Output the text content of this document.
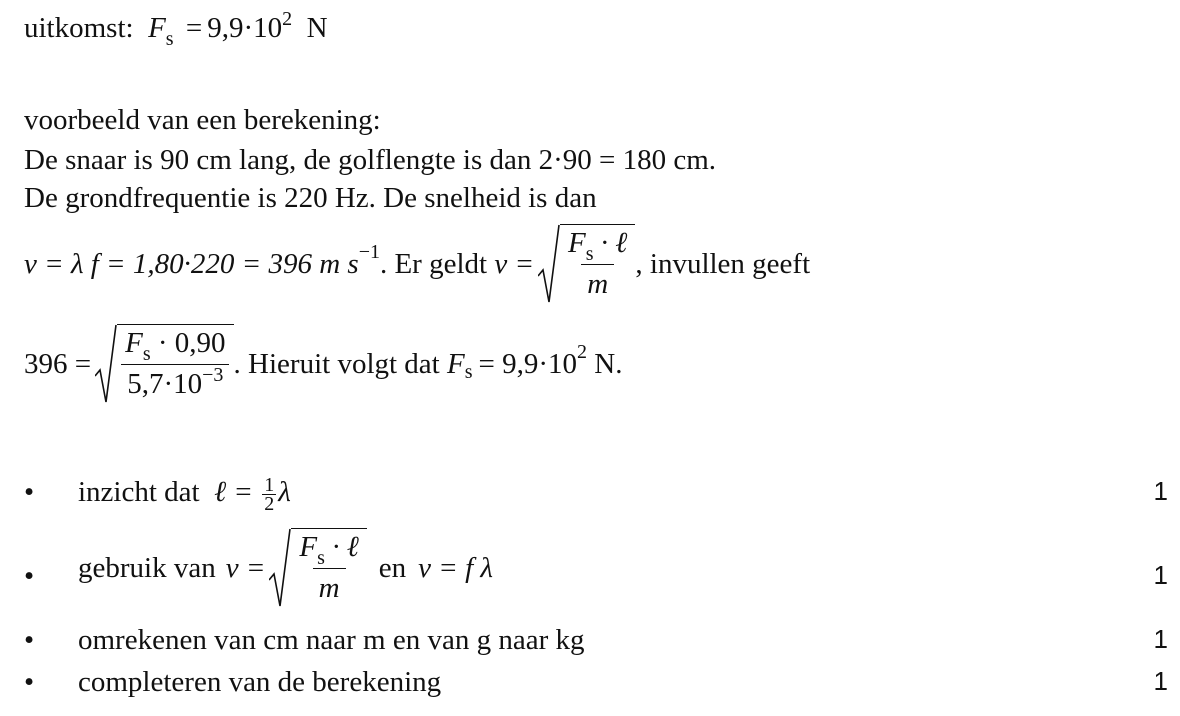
uitkomst: $F_s = 9,9\cdot 10^2$ N
voorbeeld van een berekening:
De snaar is 90 cm lang, de golflengte is dan 2·90 = 180 cm.
De grondfrequentie is 220 Hz. De snelheid is dan
v = λ f = 1,80·220 = 396 m s −1 . Er geldt $v = \frac{F_s \cdot \ell}{m}$ , invullen geeft
$396 = \frac{F_s \cdot 0,90}{5,7\cdot 10^{-3}}$ . Hieruit volgt dat F s = 9,9·10 2 N.
• inzicht dat ℓ = $\frac{1}{2}$ λ	1
• gebruik van $v = \frac{F_s \cdot \ell}{m}$ en v = f λ	1
• omrekenen van cm naar m en van g naar kg	1
• completeren van de berekening	1
